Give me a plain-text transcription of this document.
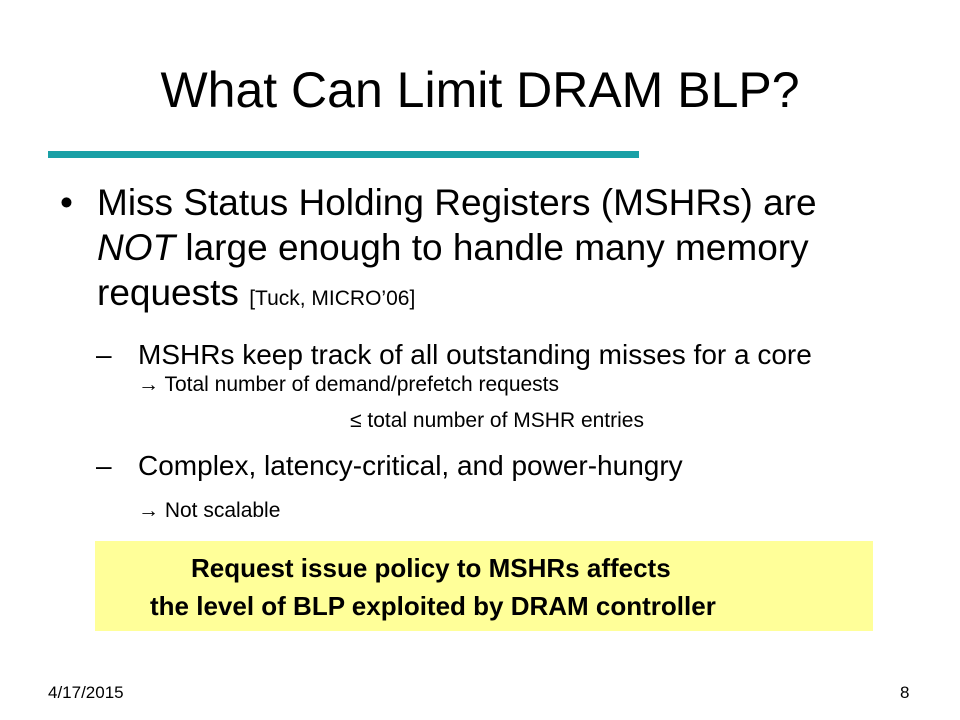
What Can Limit DRAM BLP?
• Miss Status Holding Registers (MSHRs) are NOT large enough to handle many memory requests [Tuck, MICRO’06]
– MSHRs keep track of all outstanding misses for a core
→ Total number of demand/prefetch requests
≤ total number of MSHR entries
– Complex, latency-critical, and power-hungry
→ Not scalable
Request issue policy to MSHRs affects
the level of BLP exploited by DRAM controller
4/17/2015	8
